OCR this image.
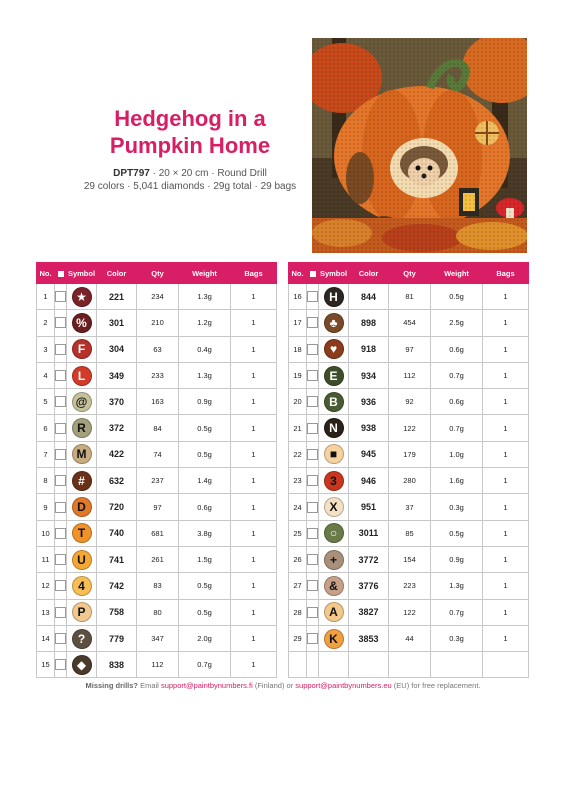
Hedgehog in a
Pumpkin Home
DPT797 · 20 × 20 cm · Round Drill
29 colors · 5,041 diamonds · 29g total · 29 bags
No.		Symbol	Color	Qty	Weight	Bags
1		★	221	234	1.3g	1
2		%	301	210	1.2g	1
3		F	304	63	0.4g	1
4		L	349	233	1.3g	1
5		@	370	163	0.9g	1
6		R	372	84	0.5g	1
7		M	422	74	0.5g	1
8		#	632	237	1.4g	1
9		D	720	97	0.6g	1
10		T	740	681	3.8g	1
11		U	741	261	1.5g	1
12		4	742	83	0.5g	1
13		P	758	80	0.5g	1
14		?	779	347	2.0g	1
15		◆	838	112	0.7g	1
No.		Symbol	Color	Qty	Weight	Bags
16		H	844	81	0.5g	1
17		♣	898	454	2.5g	1
18		♥	918	97	0.6g	1
19		E	934	112	0.7g	1
20		B	936	92	0.6g	1
21		N	938	122	0.7g	1
22		■	945	179	1.0g	1
23		3	946	280	1.6g	1
24		X	951	37	0.3g	1
25		○	3011	85	0.5g	1
26		+	3772	154	0.9g	1
27		&	3776	223	1.3g	1
28		A	3827	122	0.7g	1
29		K	3853	44	0.3g	1

Missing drills? Email support@paintbynumbers.fi (Finland) or support@paintbynumbers.eu (EU) for free replacement.
